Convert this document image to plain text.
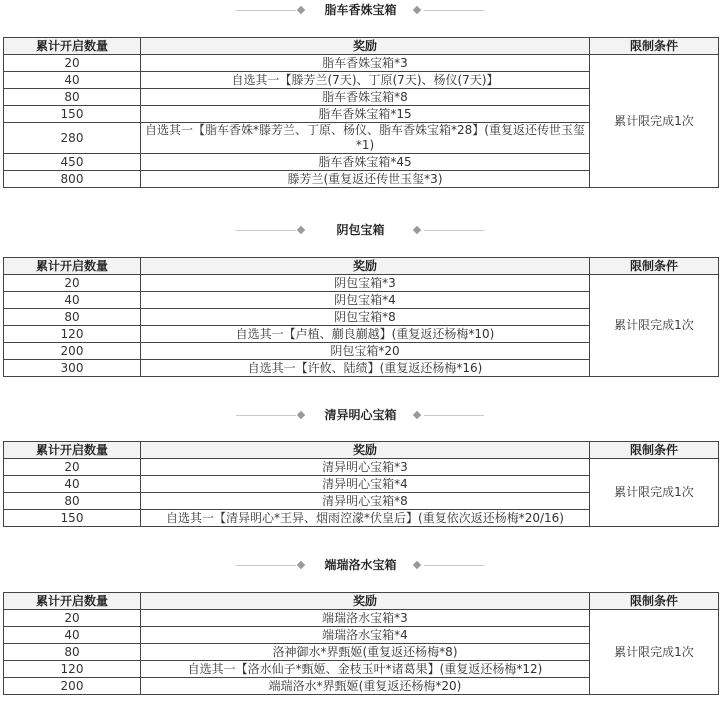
脂车香姝宝箱
累计开启数量	奖励	限制条件
20	脂车香姝宝箱*3	累计限完成1次
40	自选其一【滕芳兰(7天)、丁原(7天)、杨仪(7天)】	
80	脂车香姝宝箱*8	
150	脂车香姝宝箱*15	
280	自选其一【脂车香姝*滕芳兰、丁原、杨仪、脂车香姝宝箱*28】(重复返还传世玉玺*1)	
450	脂车香姝宝箱*45	
800	滕芳兰(重复返还传世玉玺*3)	
阴包宝箱
累计开启数量	奖励	限制条件
20	阴包宝箱*3	累计限完成1次
40	阴包宝箱*4	
80	阴包宝箱*8	
120	自选其一【卢植、蒯良蒯越】(重复返还杨梅*10)	
200	阴包宝箱*20	
300	自选其一【许攸、陆绩】(重复返还杨梅*16)	
清异明心宝箱
累计开启数量	奖励	限制条件
20	清异明心宝箱*3	累计限完成1次
40	清异明心宝箱*4	
80	清异明心宝箱*8	
150	自选其一【清异明心*王异、烟雨涳濛*伏皇后】(重复依次返还杨梅*20/16)	
端瑞洛水宝箱
累计开启数量	奖励	限制条件
20	端瑞洛水宝箱*3	累计限完成1次
40	端瑞洛水宝箱*4	
80	洛神御水*界甄姬(重复返还杨梅*8)	
120	自选其一【洛水仙子*甄姬、金枝玉叶*诸葛果】(重复返还杨梅*12)	
200	端瑞洛水*界甄姬(重复返还杨梅*20)	
